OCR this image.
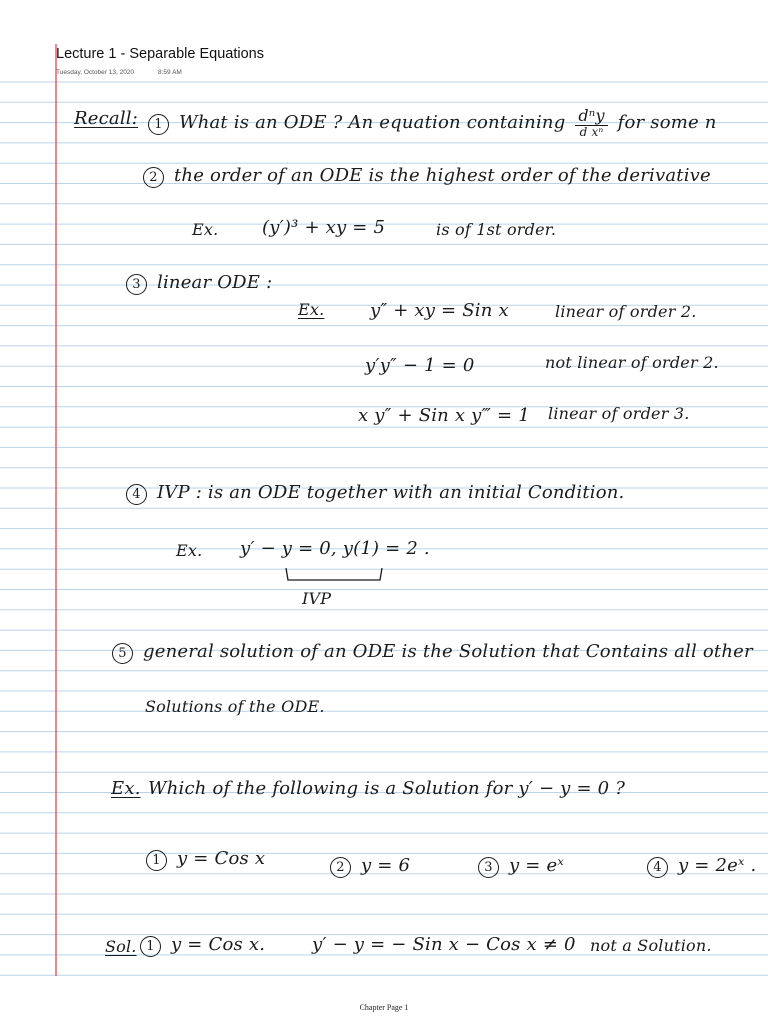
Lecture 1 - Separable Equations
Tuesday, October 13, 2020	8:59 AM
Recall:	1 What is an ODE ? An equation containing $\frac{\text{dⁿy}}{\text{d xⁿ}}$ for some n
2 the order of an ODE is the highest order of the derivative
Ex. (y′)³ + xy = 5	is of 1st order.
3 linear ODE :
Ex.	y″ + xy = Sin x	linear of order 2.
y′y″ − 1 = 0	not linear of order 2.
x y″ + Sin x y‴ = 1 linear of order 3.
4 IVP : is an ODE together with an initial Condition.
Ex. y′ − y = 0, y(1) = 2 .
IVP
5 general solution of an ODE is the Solution that Contains all other
Solutions of the ODE.
Ex. Which of the following is a Solution for y′ − y = 0 ?
1 y = Cos x	2 y = 6	3 y = eˣ	4 y = 2eˣ .
Sol. 1 y = Cos x.	y′ − y = − Sin x − Cos x ≠ 0 not a Solution.
Chapter Page 1
